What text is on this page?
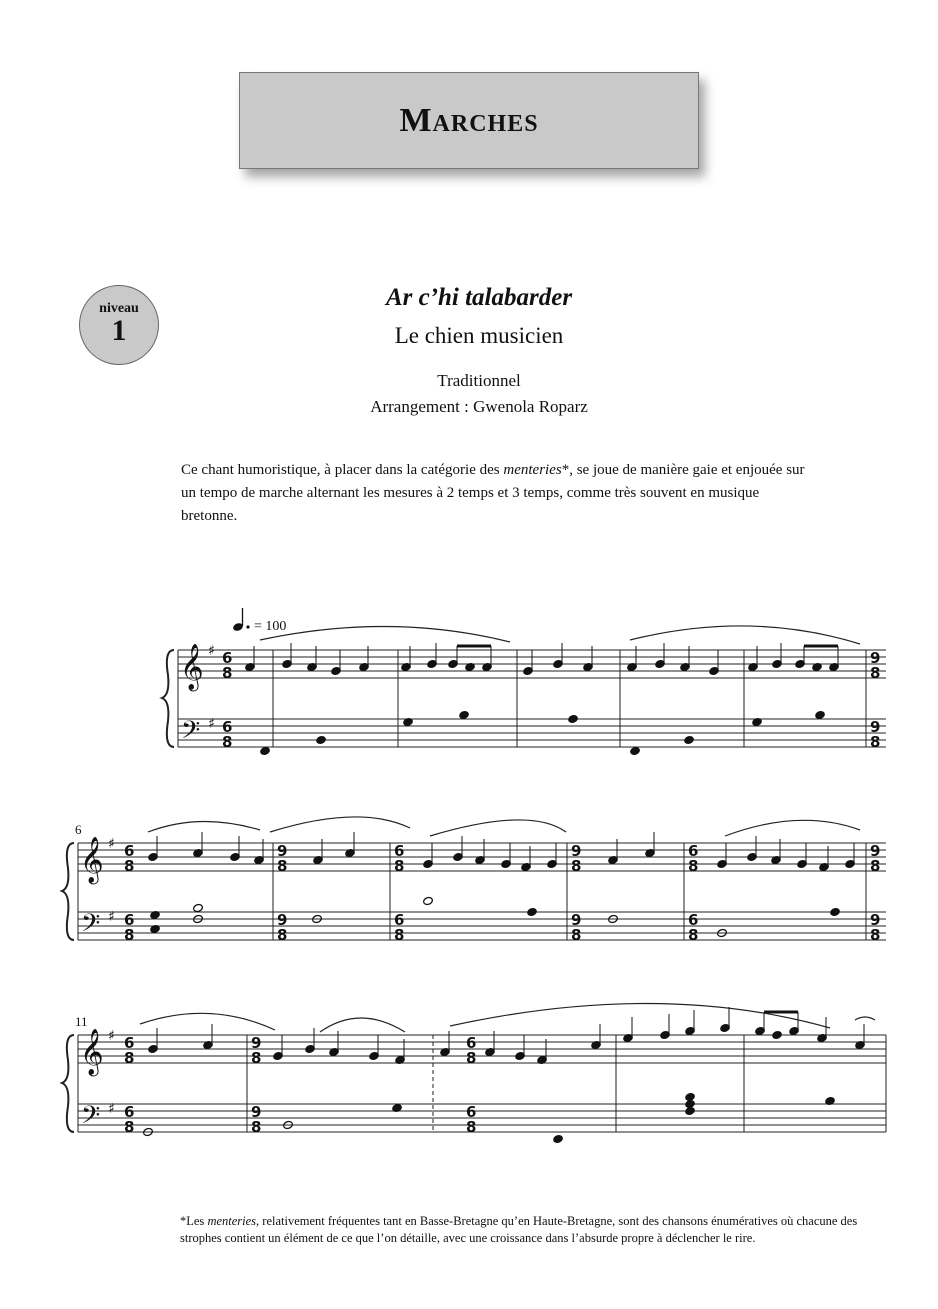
Marches
niveau
1
Ar c’hi talabarder
Le chien musicien
Traditionnel
Arrangement : Gwenola Roparz

Ce chant humoristique, à placer dans la catégorie des menteries*, se joue de manière gaie et enjouée sur un tempo de marche alternant les mesures à 2 temps et 3 temps, comme très souvent en musique bretonne.

= 100
𝄞
𝄢
♯
♯
6
8
6
8
9
8
9
8
6
𝄞
𝄢
♯
♯
6
8
6
8
9
8
9
8
6
8
6
8
9
8
9
8
6
8
6
8
9
8
9
8
11
𝄞
𝄢
♯
♯
6
8
6
8
9
8
9
8
6
8
6
8

*Les menteries, relativement fréquentes tant en Basse-Bretagne qu’en Haute-Bretagne, sont des chansons énumératives où chacune des strophes contient un élément de ce que l’on détaille, avec une croissance dans l’absurde propre à déclencher le rire.
